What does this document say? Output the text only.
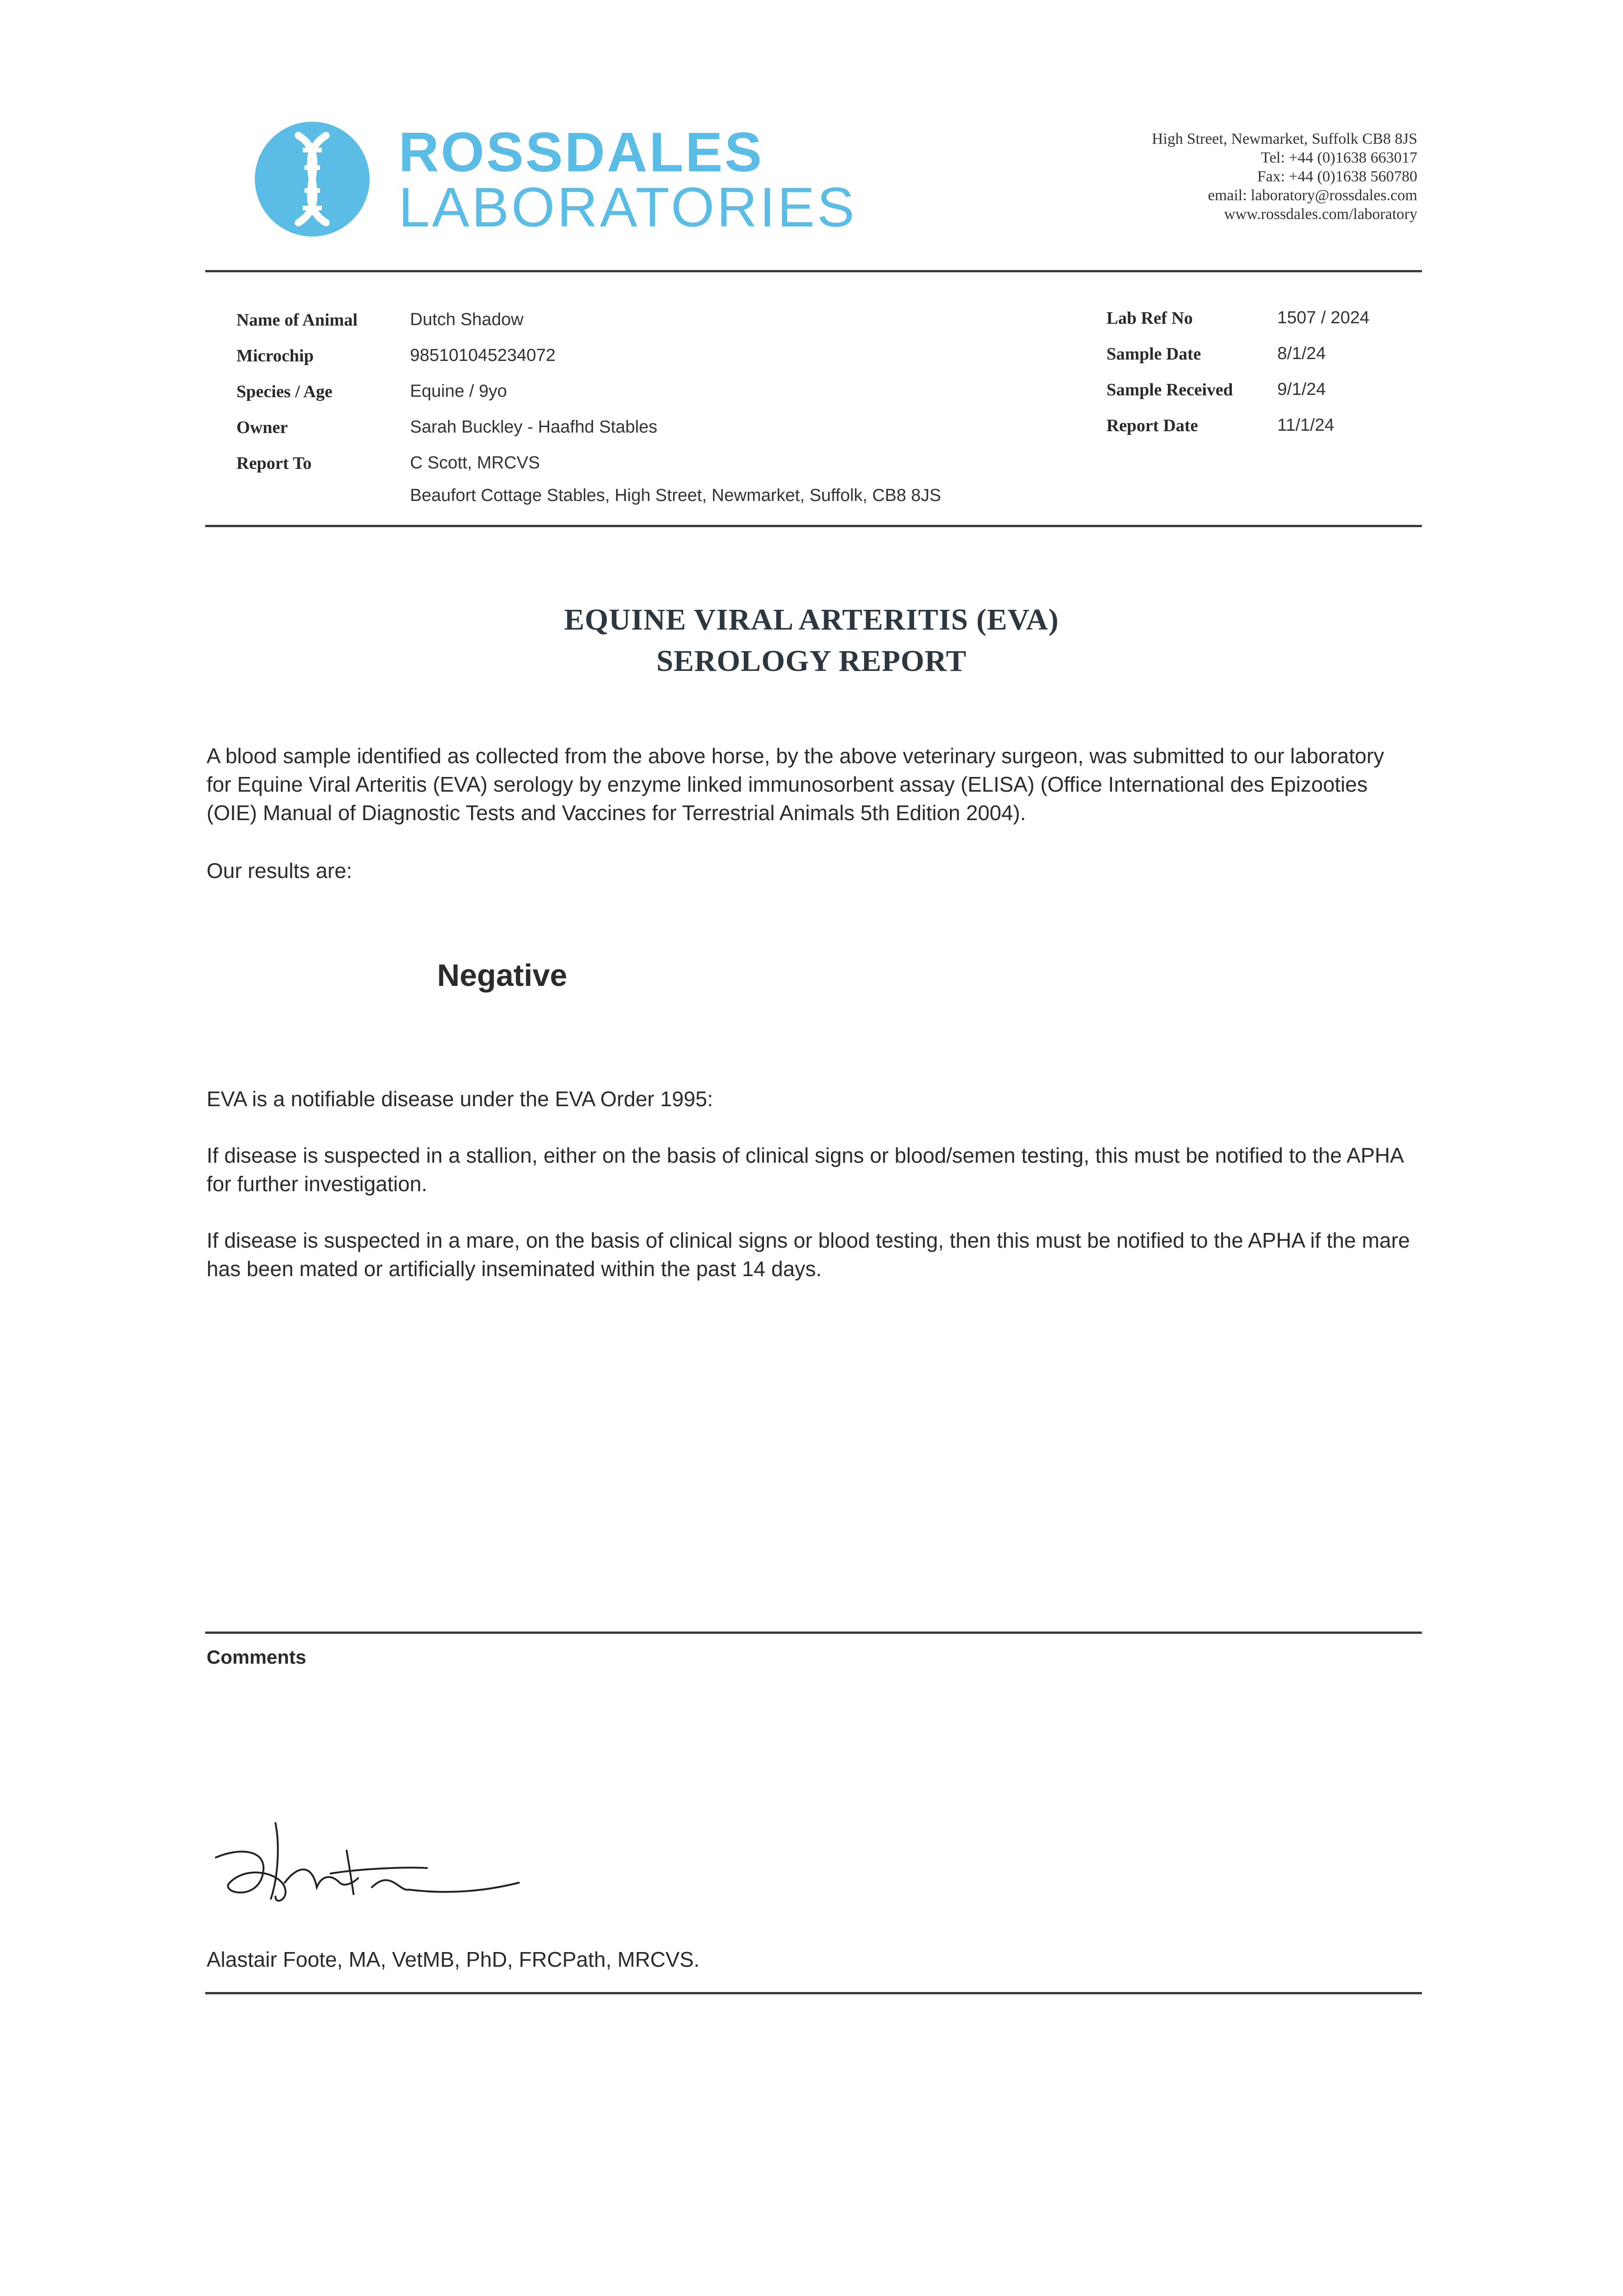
ROSSDALES
LABORATORIES
High Street, Newmarket, Suffolk CB8 8JS
Tel: +44 (0)1638 663017
Fax: +44 (0)1638 560780
email: laboratory@rossdales.com
www.rossdales.com/laboratory
Name of Animal	Dutch Shadow
Microchip	985101045234072
Species / Age	Equine / 9yo
Owner	Sarah Buckley - Haafhd Stables
Report To	C Scott, MRCVS
Beaufort Cottage Stables, High Street, Newmarket, Suffolk, CB8 8JS
Lab Ref No	1507 / 2024
Sample Date	8/1/24
Sample Received	9/1/24
Report Date	11/1/24
EQUINE VIRAL ARTERITIS (EVA)
SEROLOGY REPORT
A blood sample identified as collected from the above horse, by the above veterinary surgeon, was submitted to our laboratory for Equine Viral Arteritis (EVA) serology by enzyme linked immunosorbent assay (ELISA) (Office International des Epizooties (OIE) Manual of Diagnostic Tests and Vaccines for Terrestrial Animals 5th Edition 2004).
Our results are:
Negative
EVA is a notifiable disease under the EVA Order 1995:
If disease is suspected in a stallion, either on the basis of clinical signs or blood/semen testing, this must be notified to the APHA for further investigation.
If disease is suspected in a mare, on the basis of clinical signs or blood testing, then this must be notified to the APHA if the mare has been mated or artificially inseminated within the past 14 days.
Comments
Alastair Foote, MA, VetMB, PhD, FRCPath, MRCVS.
